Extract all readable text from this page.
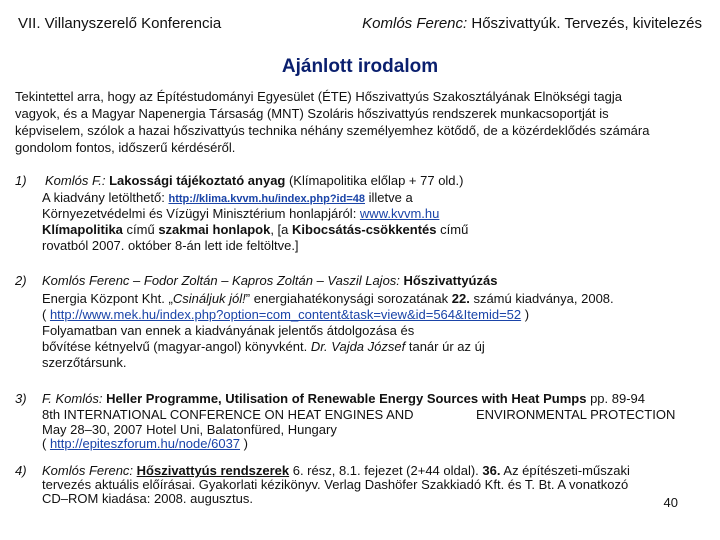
VII. Villanyszerelő Konferencia	Komlós Ferenc: Hőszivattyúk. Tervezés, kivitelezés
Ajánlott irodalom
Tekintettel arra, hogy az Építéstudományi Egyesület (ÉTE) Hőszivattyús Szakosztályának Elnökségi tagja
vagyok, és a Magyar Napenergia Társaság (MNT) Szoláris hőszivattyús rendszerek munkacsoportját is
képviselem, szólok a hazai hőszivattyús technika néhány személyemhez kötődő, de a közérdeklődés számára
gondolom fontos, időszerű kérdéséről.
1) Komlós F.: Lakossági tájékoztató anyag (Klímapolitika előlap + 77 old.)
A kiadvány letölthető: http://klima.kvvm.hu/index.php?id=48 illetve a
Környezetvédelmi és Vízügyi Minisztérium honlapjáról: www.kvvm.hu
Klímapolitika című szakmai honlapok, [a Kibocsátás-csökkentés című
rovatból 2007. október 8-án lett ide feltöltve.]
2) Komlós Ferenc – Fodor Zoltán – Kapros Zoltán – Vaszil Lajos: Hőszivattyúzás
Energia Központ Kht. „Csináljuk jól!” energiahatékonysági sorozatának 22. számú kiadványa, 2008.
( http://www.mek.hu/index.php?option=com_content&task=view&id=564&Itemid=52 )
Folyamatban van ennek a kiadványának jelentős átdolgozása és
bővítése kétnyelvű (magyar-angol) könyvként. Dr. Vajda József tanár úr az új
szerzőtársunk.
3) F. Komlós: Heller Programme, Utilisation of Renewable Energy Sources with Heat Pumps pp. 89-94
8th INTERNATIONAL CONFERENCE ON HEAT ENGINES AND	ENVIRONMENTAL PROTECTION
May 28–30, 2007 Hotel Uni, Balatonfüred, Hungary
( http://epiteszforum.hu/node/6037 )
4) Komlós Ferenc: Hőszivattyús rendszerek 6. rész, 8.1. fejezet (2+44 oldal). 36. Az építészeti-műszaki
tervezés aktuális előírásai. Gyakorlati kézikönyv. Verlag Dashöfer Szakkiadó Kft. és T. Bt. A vonatkozó
CD–ROM kiadása: 2008. augusztus.	40
